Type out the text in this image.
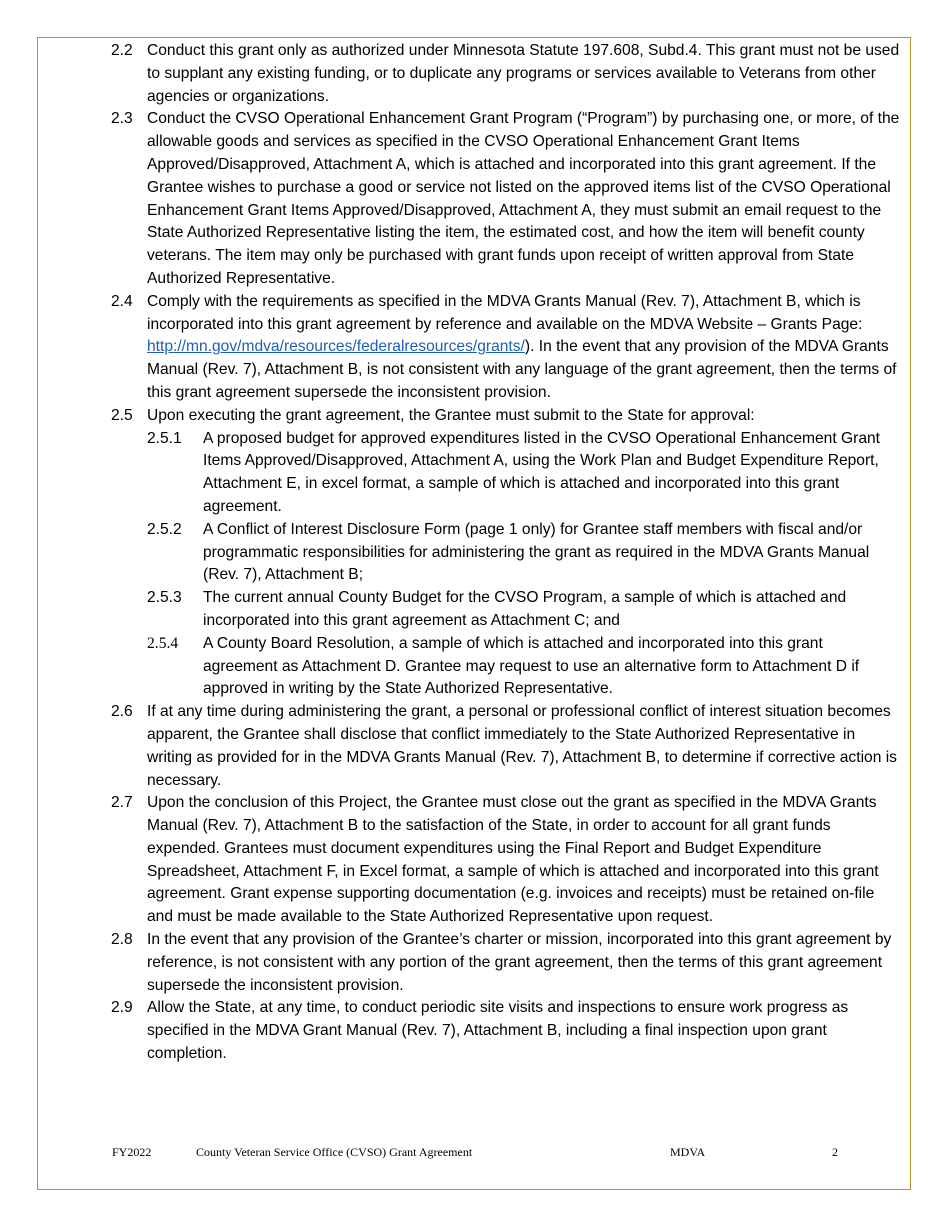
2.2 Conduct this grant only as authorized under Minnesota Statute 197.608, Subd.4. This grant must not be used to supplant any existing funding, or to duplicate any programs or services available to Veterans from other agencies or organizations.
2.3 Conduct the CVSO Operational Enhancement Grant Program (“Program”) by purchasing one, or more, of the allowable goods and services as specified in the CVSO Operational Enhancement Grant Items Approved/Disapproved, Attachment A, which is attached and incorporated into this grant agreement. If the Grantee wishes to purchase a good or service not listed on the approved items list of the CVSO Operational Enhancement Grant Items Approved/Disapproved, Attachment A, they must submit an email request to the State Authorized Representative listing the item, the estimated cost, and how the item will benefit county veterans. The item may only be purchased with grant funds upon receipt of written approval from State Authorized Representative.
2.4 Comply with the requirements as specified in the MDVA Grants Manual (Rev. 7), Attachment B, which is incorporated into this grant agreement by reference and available on the MDVA Website – Grants Page: http://mn.gov/mdva/resources/federalresources/grants/). In the event that any provision of the MDVA Grants Manual (Rev. 7), Attachment B, is not consistent with any language of the grant agreement, then the terms of this grant agreement supersede the inconsistent provision.
2.5 Upon executing the grant agreement, the Grantee must submit to the State for approval:
2.5.1	A proposed budget for approved expenditures listed in the CVSO Operational Enhancement Grant Items Approved/Disapproved, Attachment A, using the Work Plan and Budget Expenditure Report, Attachment E, in excel format, a sample of which is attached and incorporated into this grant agreement.
2.5.2	A Conflict of Interest Disclosure Form (page 1 only) for Grantee staff members with fiscal and/or programmatic responsibilities for administering the grant as required in the MDVA Grants Manual (Rev. 7), Attachment B;
2.5.3	The current annual County Budget for the CVSO Program, a sample of which is attached and incorporated into this grant agreement as Attachment C; and
2.5.4	A County Board Resolution, a sample of which is attached and incorporated into this grant agreement as Attachment D. Grantee may request to use an alternative form to Attachment D if approved in writing by the State Authorized Representative.
2.6 If at any time during administering the grant, a personal or professional conflict of interest situation becomes apparent, the Grantee shall disclose that conflict immediately to the State Authorized Representative in writing as provided for in the MDVA Grants Manual (Rev. 7), Attachment B, to determine if corrective action is necessary.
2.7 Upon the conclusion of this Project, the Grantee must close out the grant as specified in the MDVA Grants Manual (Rev. 7), Attachment B to the satisfaction of the State, in order to account for all grant funds expended. Grantees must document expenditures using the Final Report and Budget Expenditure Spreadsheet, Attachment F, in Excel format, a sample of which is attached and incorporated into this grant agreement. Grant expense supporting documentation (e.g. invoices and receipts) must be retained on-file and must be made available to the State Authorized Representative upon request.
2.8 In the event that any provision of the Grantee’s charter or mission, incorporated into this grant agreement by reference, is not consistent with any portion of the grant agreement, then the terms of this grant agreement supersede the inconsistent provision.
2.9 Allow the State, at any time, to conduct periodic site visits and inspections to ensure work progress as specified in the MDVA Grant Manual (Rev. 7), Attachment B, including a final inspection upon grant completion.
FY2022	County Veteran Service Office (CVSO) Grant Agreement	MDVA	2
